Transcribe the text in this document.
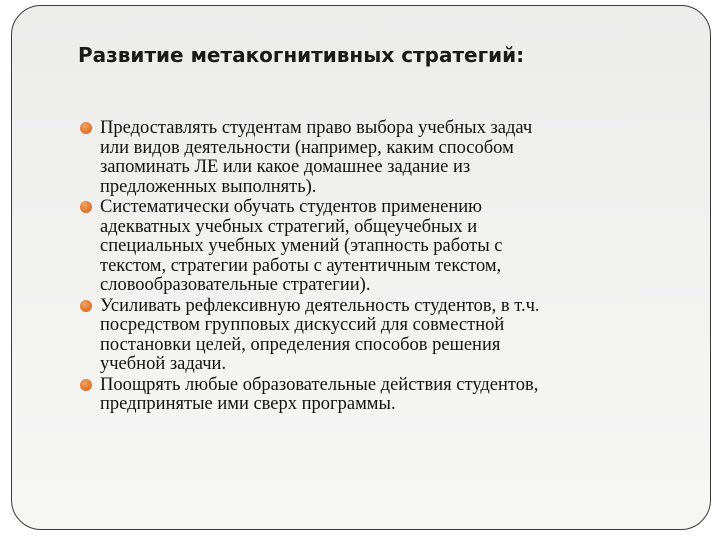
Развитие метакогнитивных стратегий:
Предоставлять студентам право выбора учебных задач
или видов деятельности (например, каким способом
запоминать ЛЕ или какое домашнее задание из
предложенных выполнять).
Систематически обучать студентов применению
адекватных учебных стратегий, общеучебных и
специальных учебных умений (этапность работы с
текстом, стратегии работы с аутентичным текстом,
словообразовательные стратегии).
Усиливать рефлексивную деятельность студентов, в т.ч.
посредством групповых дискуссий для совместной
постановки целей, определения способов решения
учебной задачи.
Поощрять любые образовательные действия студентов,
предпринятые ими сверх программы.
